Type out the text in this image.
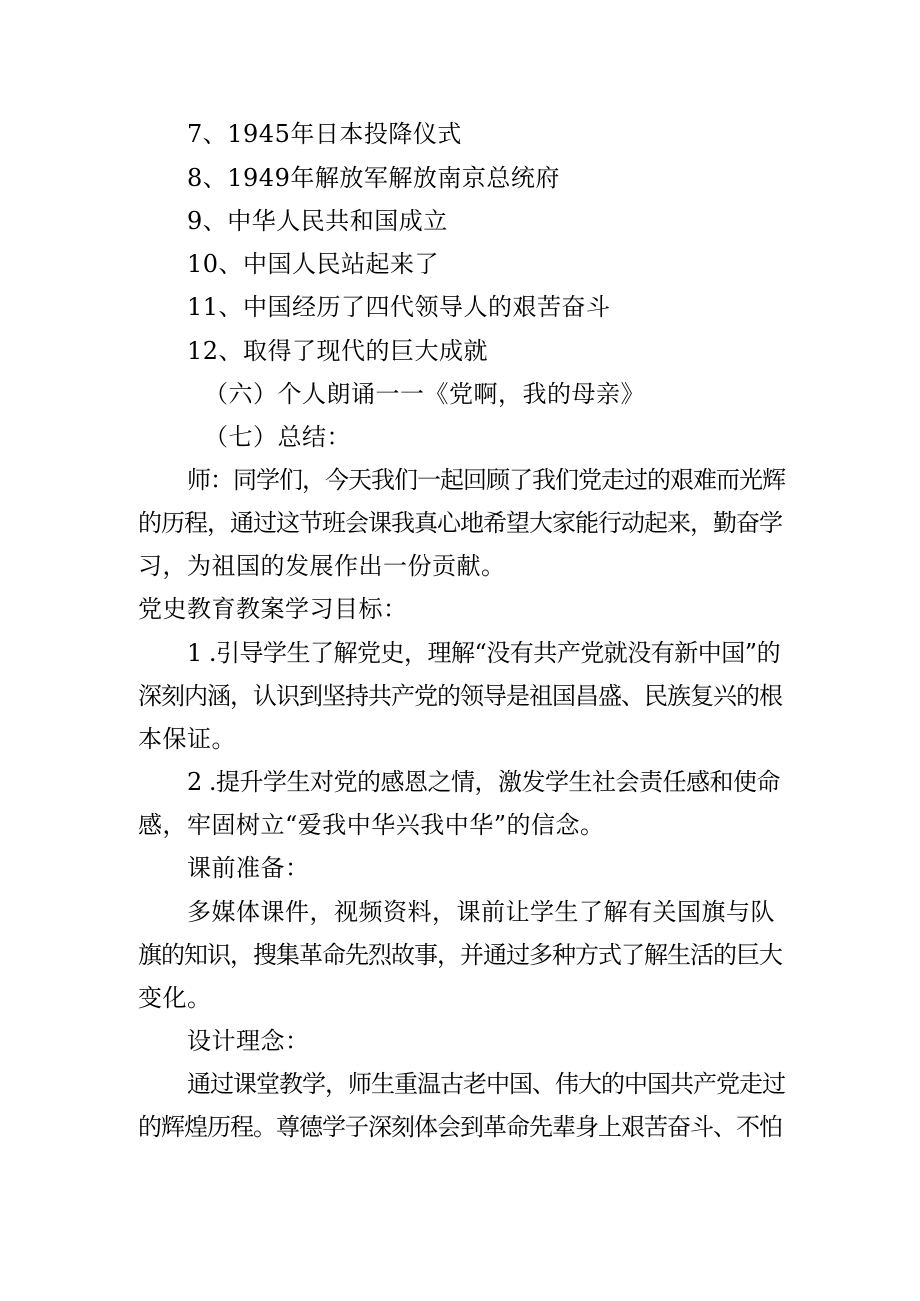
7、1945年日本投降仪式
8、1949年解放军解放南京总统府
9、中华人民共和国成立
10、中国人民站起来了
11、中国经历了四代领导人的艰苦奋斗
12、取得了现代的巨大成就
（六）个人朗诵一一《党啊，我的母亲》
（七）总结：
师：同学们，今天我们一起回顾了我们党走过的艰难而光辉
的历程，通过这节班会课我真心地希望大家能行动起来，勤奋学
习，为祖国的发展作出一份贡献。
党史教育教案学习目标：
1 .引导学生了解党史，理解“没有共产党就没有新中国”的
深刻内涵，认识到坚持共产党的领导是祖国昌盛、民族复兴的根
本保证。
2 .提升学生对党的感恩之情，激发学生社会责任感和使命
感，牢固树立“爱我中华兴我中华”的信念。
课前准备：
多媒体课件，视频资料，课前让学生了解有关国旗与队
旗的知识，搜集革命先烈故事，并通过多种方式了解生活的巨大
变化。
设计理念：
通过课堂教学，师生重温古老中国、伟大的中国共产党走过
的辉煌历程。尊德学子深刻体会到革命先辈身上艰苦奋斗、不怕
